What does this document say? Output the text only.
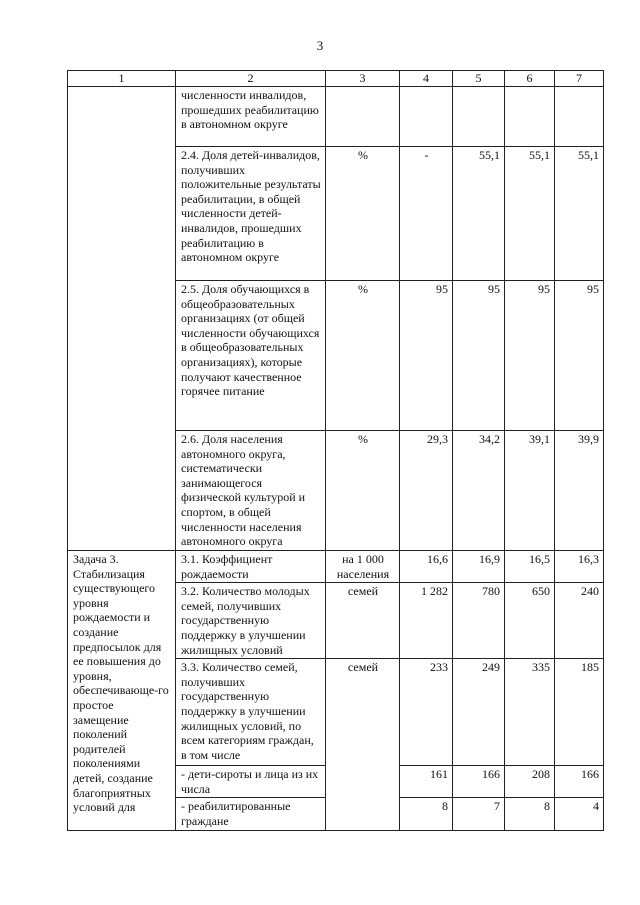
3
1	2	3	4	5	6	7
	численности инвалидов, прошедших реабилитацию в автономном округе					
	2.4. Доля детей-инвалидов, получивших положительные результаты реабилитации, в общей численности детей-инвалидов, прошедших реабилитацию в автономном округе	%	-	55,1	55,1	55,1
	2.5. Доля обучающихся в общеобразовательных организациях (от общей численности обучающихся в общеобразовательных организациях), которые получают качественное горячее питание	%	95	95	95	95
	2.6. Доля населения автономного округа, систематически занимающегося физической культурой и спортом, в общей численности населения автономного округа	%	29,3	34,2	39,1	39,9
Задача 3. Стабилизация существующего уровня рождаемости и создание предпосылок для ее повышения до уровня, обеспечивающе-го простое замещение поколений родителей поколениями детей, создание благоприятных условий для	3.1. Коэффициент рождаемости	на 1 000 населения	16,6	16,9	16,5	16,3
	3.2. Количество молодых семей, получивших государственную поддержку в улучшении жилищных условий	семей	1 282	780	650	240
	3.3. Количество семей, получивших государственную поддержку в улучшении жилищных условий, по всем категориям граждан, в том числе	семей	233	249	335	185
	- дети-сироты и лица из их числа		161	166	208	166
	- реабилитированные граждане		8	7	8	4
